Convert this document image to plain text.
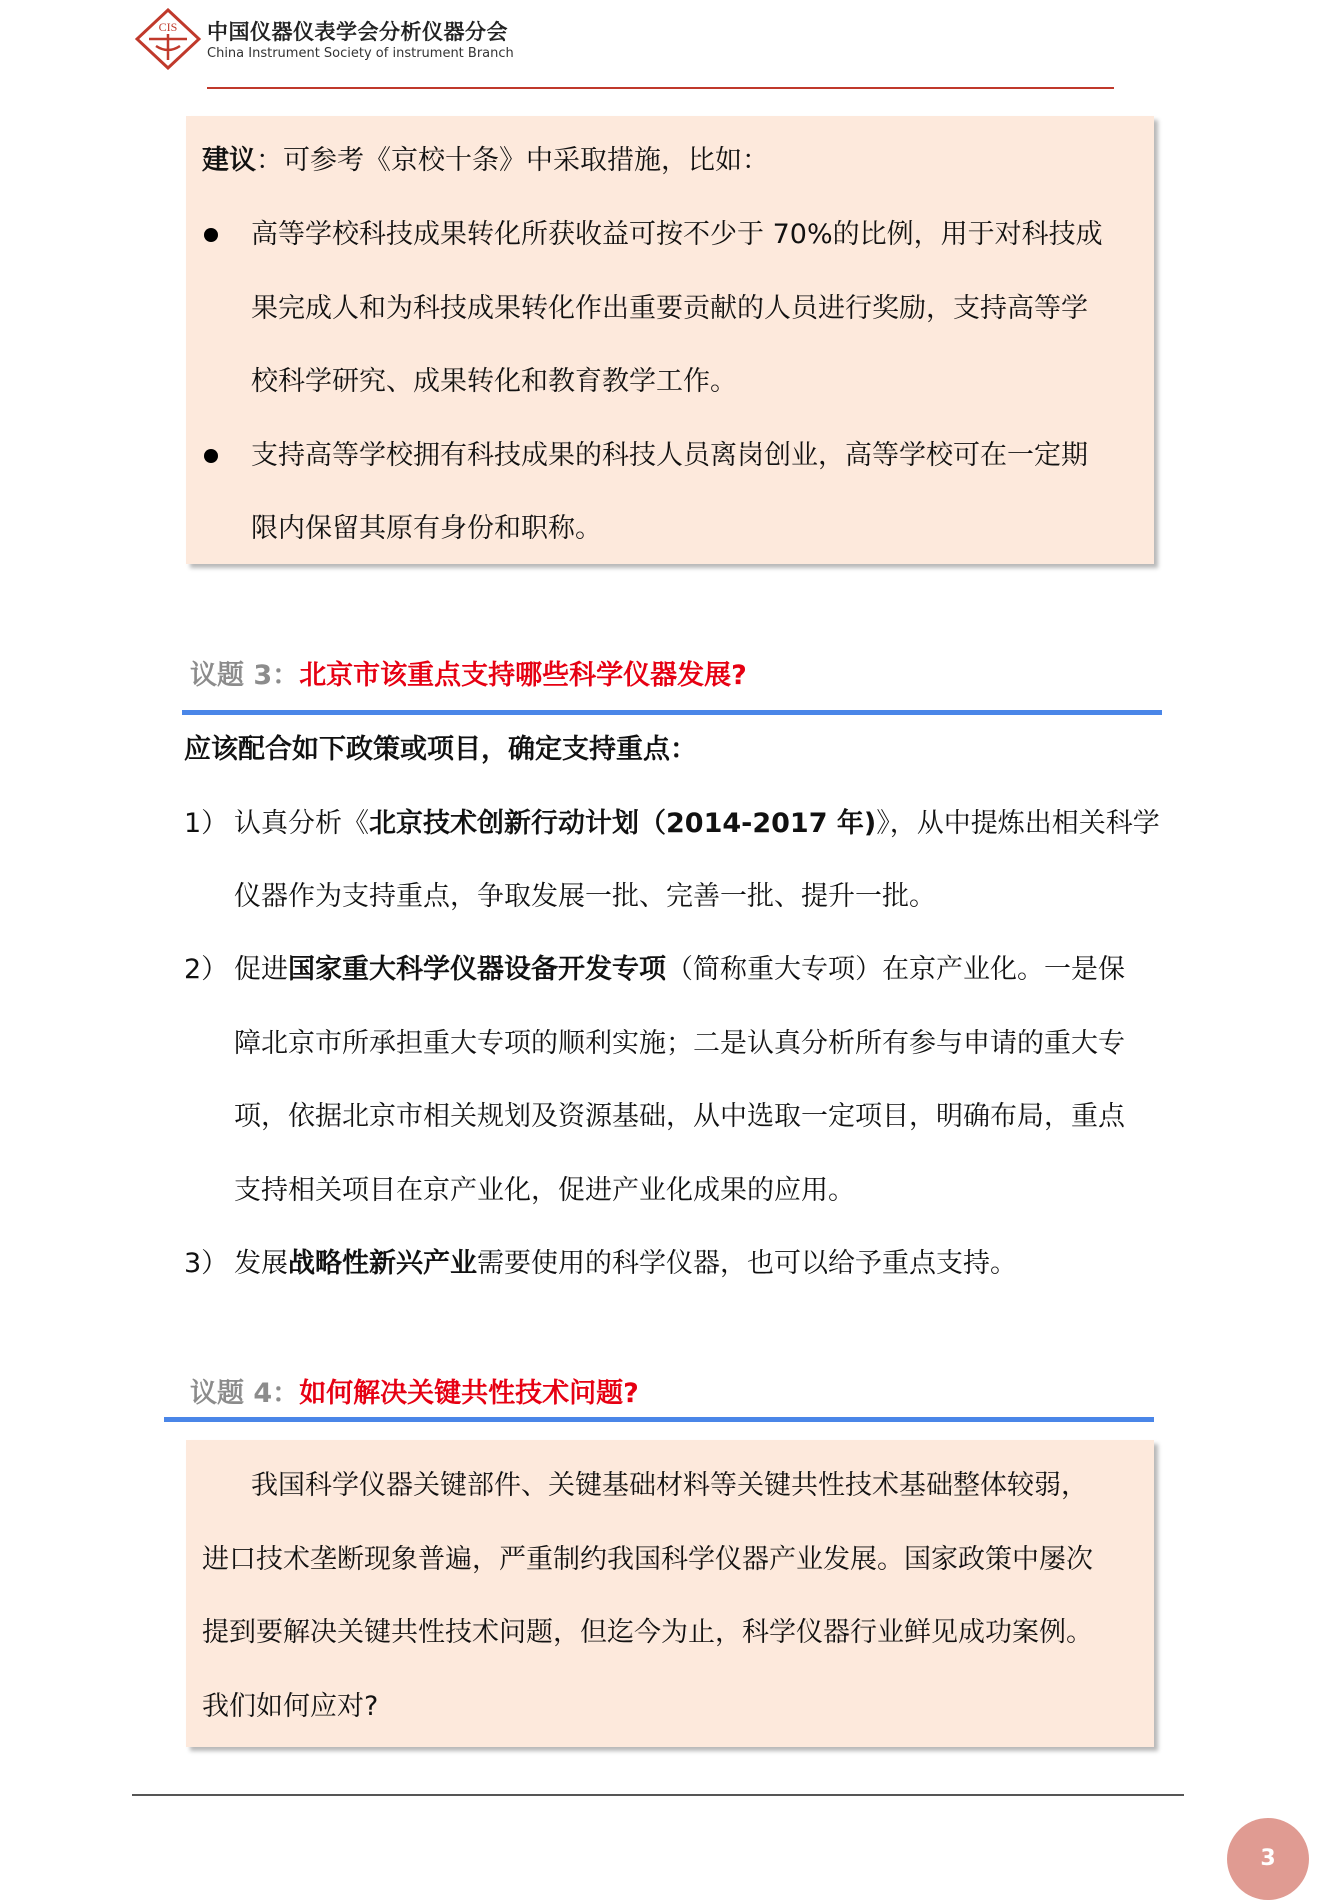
CIS 中国仪器仪表学会分析仪器分会
China Instrument Society of instrument Branch
建议：可参考《京校十条》中采取措施，比如：
高等学校科技成果转化所获收益可按不少于 70%的比例，用于对科技成
果完成人和为科技成果转化作出重要贡献的人员进行奖励，支持高等学
校科学研究、成果转化和教育教学工作。
支持高等学校拥有科技成果的科技人员离岗创业，高等学校可在一定期
限内保留其原有身份和职称。
议题 3：北京市该重点支持哪些科学仪器发展?
应该配合如下政策或项目，确定支持重点：
1） 认真分析《北京技术创新行动计划（2014-2017 年)》，从中提炼出相关科学
仪器作为支持重点，争取发展一批、完善一批、提升一批。
2） 促进国家重大科学仪器设备开发专项（简称重大专项）在京产业化。一是保
障北京市所承担重大专项的顺利实施；二是认真分析所有参与申请的重大专
项，依据北京市相关规划及资源基础，从中选取一定项目，明确布局，重点
支持相关项目在京产业化，促进产业化成果的应用。
3） 发展战略性新兴产业需要使用的科学仪器，也可以给予重点支持。
议题 4：如何解决关键共性技术问题?
我国科学仪器关键部件、关键基础材料等关键共性技术基础整体较弱，
进口技术垄断现象普遍，严重制约我国科学仪器产业发展。国家政策中屡次
提到要解决关键共性技术问题，但迄今为止，科学仪器行业鲜见成功案例。
我们如何应对?
3
